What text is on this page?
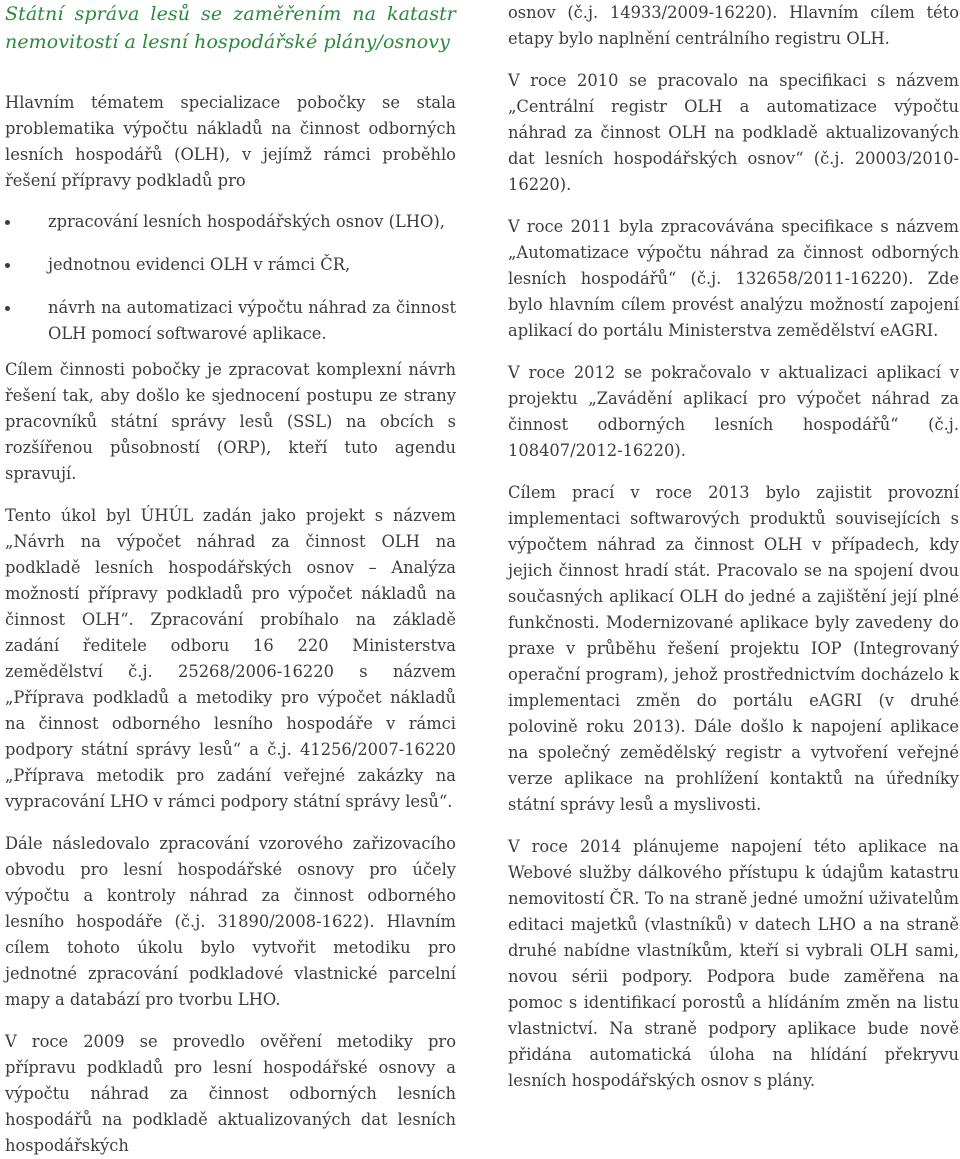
Státní správa lesů se zaměřením na katastr nemovitostí a lesní hospodářské plány/osnovy

Hlavním tématem specializace pobočky se stala problematika výpočtu nákladů na činnost odborných lesních hospodářů (OLH), v jejímž rámci proběhlo řešení přípravy podkladů pro

zpracování lesních hospodářských osnov (LHO),
jednotnou evidenci OLH v rámci ČR,
návrh na automatizaci výpočtu náhrad za činnost OLH pomocí softwarové aplikace.

Cílem činnosti pobočky je zpracovat komplexní návrh řešení tak, aby došlo ke sjednocení postupu ze strany pracovníků státní správy lesů (SSL) na obcích s rozšířenou působností (ORP), kteří tuto agendu spravují.

Tento úkol byl ÚHÚL zadán jako projekt s názvem „Návrh na výpočet náhrad za činnost OLH na podkladě lesních hospodářských osnov – Analýza možností přípravy podkladů pro výpočet nákladů na činnost OLH“. Zpracování probíhalo na základě zadání ředitele odboru 16 220 Ministerstva zemědělství č.j. 25268/2006-16220 s názvem „Příprava podkladů a metodiky pro výpočet nákladů na činnost odborného lesního hospodáře v rámci podpory státní správy lesů“ a č.j. 41256/2007-16220 „Příprava metodik pro zadání veřejné zakázky na vypracování LHO v rámci podpory státní správy lesů“.

Dále následovalo zpracování vzorového zařizovacího obvodu pro lesní hospodářské osnovy pro účely výpočtu a kontroly náhrad za činnost odborného lesního hospodáře (č.j. 31890/2008-1622). Hlavním cílem tohoto úkolu bylo vytvořit metodiku pro jednotné zpracování podkladové vlastnické parcelní mapy a databází pro tvorbu LHO.

V roce 2009 se provedlo ověření metodiky pro přípravu podkladů pro lesní hospodářské osnovy a výpočtu náhrad za činnost odborných lesních hospodářů na podkladě aktualizovaných dat lesních hospodářských

osnov (č.j. 14933/2009-16220). Hlavním cílem této etapy bylo naplnění centrálního registru OLH.

V roce 2010 se pracovalo na specifikaci s názvem „Centrální registr OLH a automatizace výpočtu náhrad za činnost OLH na podkladě aktualizovaných dat lesních hospodářských osnov“ (č.j. 20003/2010-16220).

V roce 2011 byla zpracovávána specifikace s názvem „Automatizace výpočtu náhrad za činnost odborných lesních hospodářů“ (č.j. 132658/2011-16220). Zde bylo hlavním cílem provést analýzu možností zapojení aplikací do portálu Ministerstva zemědělství eAGRI.

V roce 2012 se pokračovalo v aktualizaci aplikací v projektu „Zavádění aplikací pro výpočet náhrad za činnost odborných lesních hospodářů“ (č.j. 108407/2012-16220).

Cílem prací v roce 2013 bylo zajistit provozní implementaci softwarových produktů souvisejících s výpočtem náhrad za činnost OLH v případech, kdy jejich činnost hradí stát. Pracovalo se na spojení dvou současných aplikací OLH do jedné a zajištění její plné funkčnosti. Modernizované aplikace byly zavedeny do praxe v průběhu řešení projektu IOP (Integrovaný operační program), jehož prostřednictvím docházelo k implementaci změn do portálu eAGRI (v druhé polovině roku 2013). Dále došlo k napojení aplikace na společný zemědělský registr a vytvoření veřejné verze aplikace na prohlížení kontaktů na úředníky státní správy lesů a myslivosti.

V roce 2014 plánujeme napojení této aplikace na Webové služby dálkového přístupu k údajům katastru nemovitostí ČR. To na straně jedné umožní uživatelům editaci majetků (vlastníků) v datech LHO a na straně druhé nabídne vlastníkům, kteří si vybrali OLH sami, novou sérii podpory. Podpora bude zaměřena na pomoc s identifikací porostů a hlídáním změn na listu vlastnictví. Na straně podpory aplikace bude nově přidána automatická úloha na hlídání překryvu lesních hospodářských osnov s plány.
